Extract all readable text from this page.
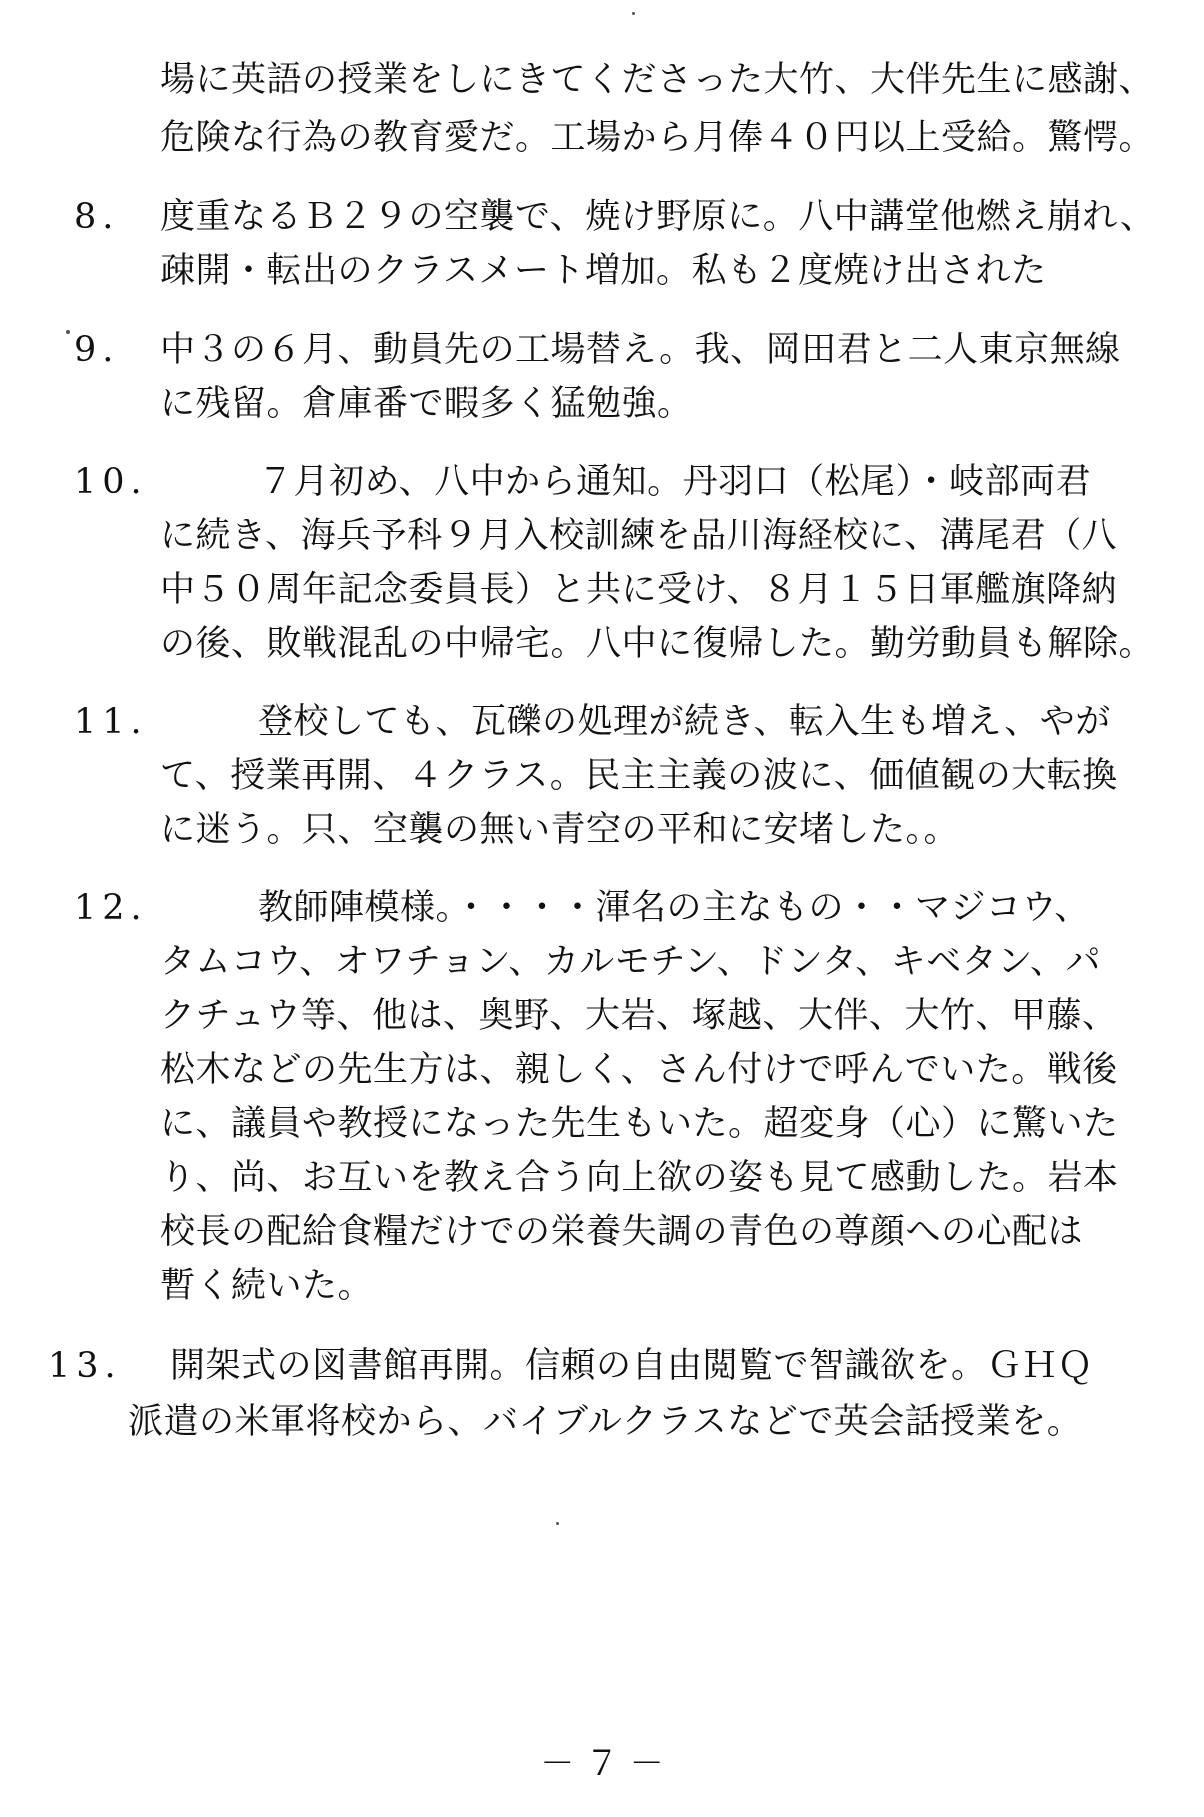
場に英語の授業をしにきてくださった大竹、大伴先生に感謝、
危険な行為の教育愛だ。工場から月俸４０円以上受給。驚愕。
8. 度重なるＢ２９の空襲で、焼け野原に。八中講堂他燃え崩れ、
疎開・転出のクラスメート増加。私も２度焼け出された
9. 中３の６月、動員先の工場替え。我、岡田君と二人東京無線
に残留。倉庫番で暇多く猛勉強。
10.	７月初め、八中から通知。丹羽口（松尾）・岐部両君
に続き、海兵予科９月入校訓練を品川海経校に、溝尾君（八
中５０周年記念委員長）と共に受け、８月１５日軍艦旗降納
の後、敗戦混乱の中帰宅。八中に復帰した。勤労動員も解除。
11.	登校しても、瓦礫の処理が続き、転入生も増え、やが
て、授業再開、４クラス。民主主義の波に、価値観の大転換
に迷う。只、空襲の無い青空の平和に安堵した。。
12.	教師陣模様。・・・・渾名の主なもの・・マジコウ、
タムコウ、オワチョン、カルモチン、ドンタ、キベタン、パ
クチュウ等、他は、奥野、大岩、塚越、大伴、大竹、甲藤、
松木などの先生方は、親しく、さん付けで呼んでいた。戦後
に、議員や教授になった先生もいた。超変身（心）に驚いた
り、尚、お互いを教え合う向上欲の姿も見て感動した。岩本
校長の配給食糧だけでの栄養失調の青色の尊顔への心配は
暫く続いた。
13. 開架式の図書館再開。信頼の自由閲覧で智識欲を。ＧＨＱ
派遣の米軍将校から、バイブルクラスなどで英会話授業を。
－ ７ －
